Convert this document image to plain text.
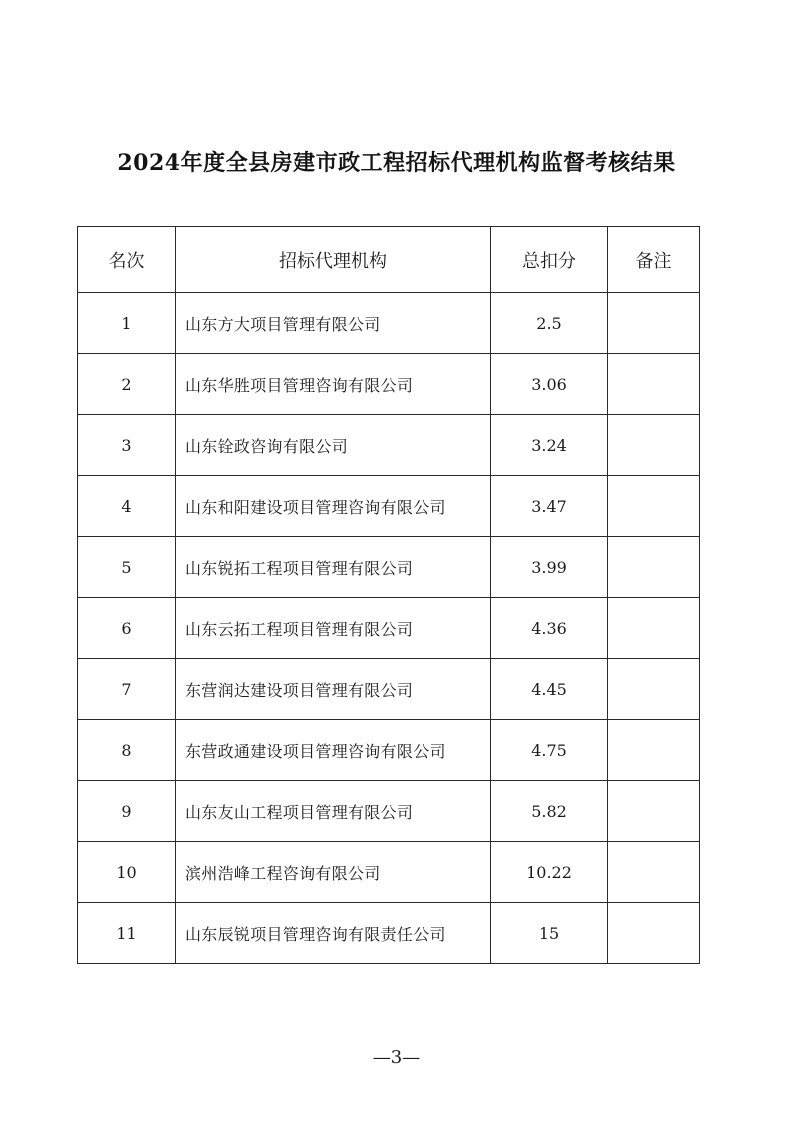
2024年度全县房建市政工程招标代理机构监督考核结果
名次	招标代理机构	总扣分	备注
1	山东方大项目管理有限公司	2.5	
2	山东华胜项目管理咨询有限公司	3.06	
3	山东铨政咨询有限公司	3.24	
4	山东和阳建设项目管理咨询有限公司	3.47	
5	山东锐拓工程项目管理有限公司	3.99	
6	山东云拓工程项目管理有限公司	4.36	
7	东营润达建设项目管理有限公司	4.45	
8	东营政通建设项目管理咨询有限公司	4.75	
9	山东友山工程项目管理有限公司	5.82	
10	滨州浩峰工程咨询有限公司	10.22	
11	山东辰锐项目管理咨询有限责任公司	15	
—3—
